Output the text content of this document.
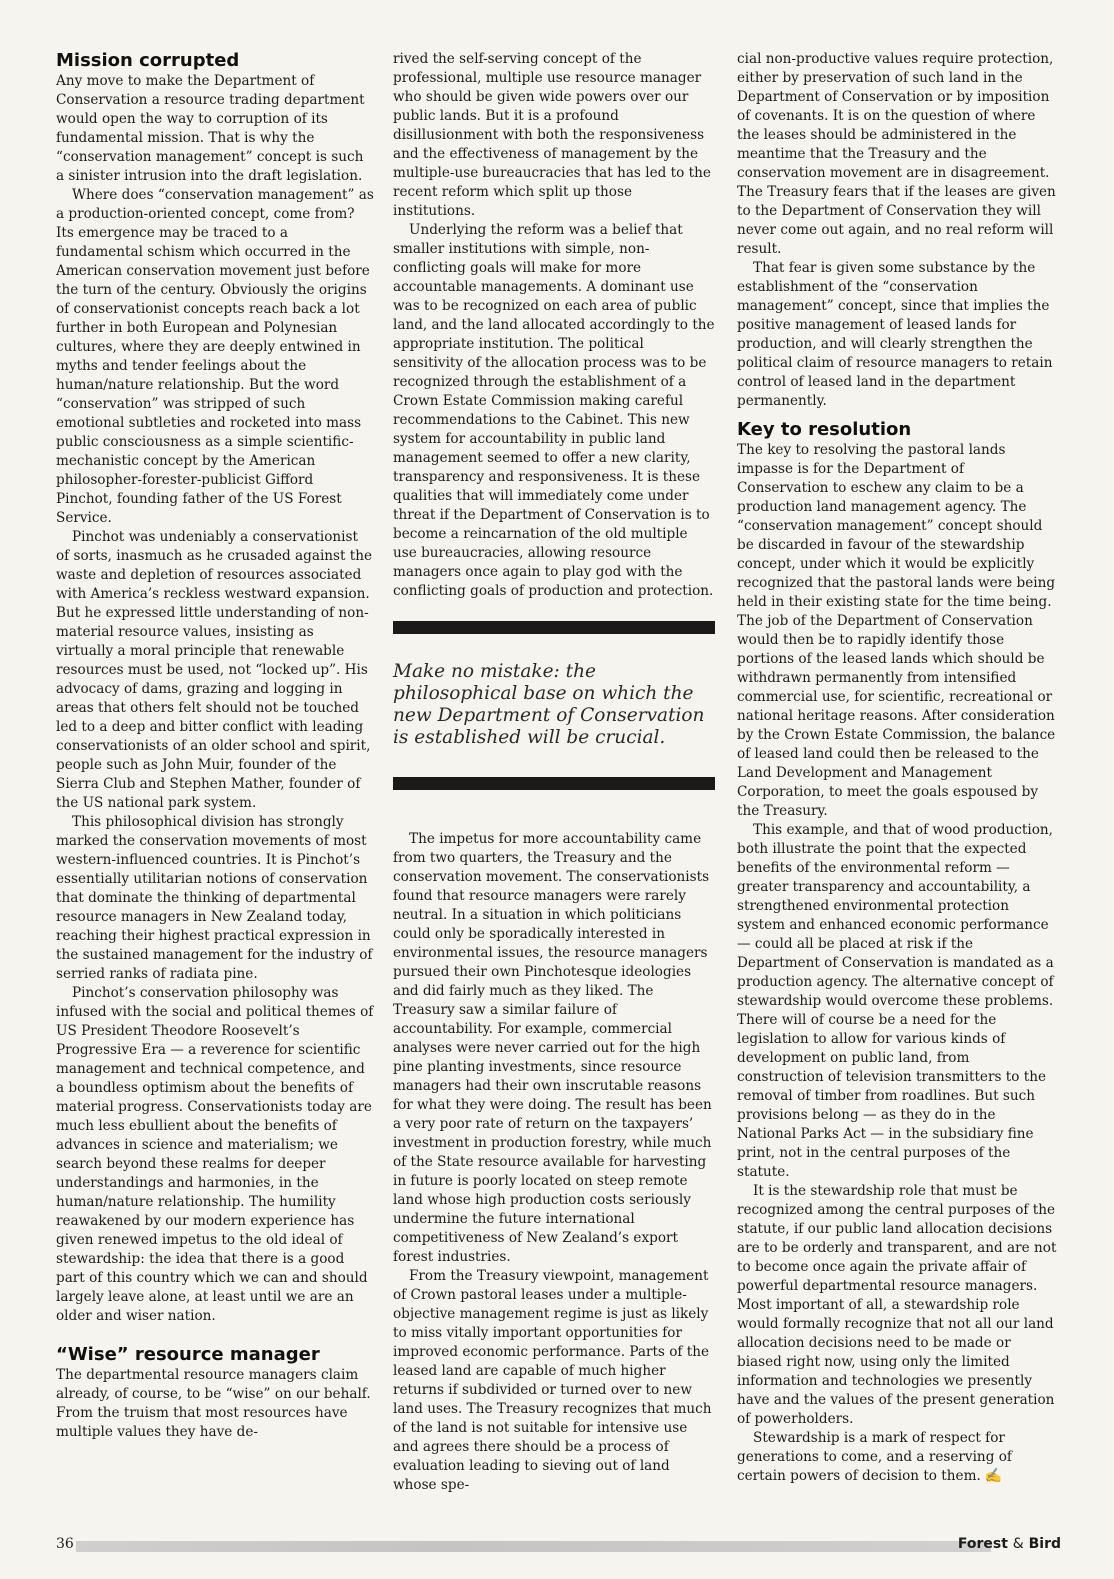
Mission corrupted

Any move to make the Department of Conservation a resource trading department would open the way to corruption of its fundamental mission. That is why the “conservation management” concept is such a sinister intrusion into the draft legislation.

Where does “conservation management” as a production-oriented concept, come from? Its emergence may be traced to a fundamental schism which occurred in the American conservation movement just before the turn of the century. Obviously the origins of conservationist concepts reach back a lot further in both European and Polynesian cultures, where they are deeply entwined in myths and tender feelings about the human/nature relationship. But the word “conservation” was stripped of such emotional subtleties and rocketed into mass public consciousness as a simple scientific-mechanistic concept by the American philosopher-forester-publicist Gifford Pinchot, founding father of the US Forest Service.

Pinchot was undeniably a conservationist of sorts, inasmuch as he crusaded against the waste and depletion of resources associated with America’s reckless westward expansion. But he expressed little understanding of non-material resource values, insisting as virtually a moral principle that renewable resources must be used, not “locked up”. His advocacy of dams, grazing and logging in areas that others felt should not be touched led to a deep and bitter conflict with leading conservationists of an older school and spirit, people such as John Muir, founder of the Sierra Club and Stephen Mather, founder of the US national park system.

This philosophical division has strongly marked the conservation movements of most western-influenced countries. It is Pinchot’s essentially utilitarian notions of conservation that dominate the thinking of departmental resource managers in New Zealand today, reaching their highest practical expression in the sustained management for the industry of serried ranks of radiata pine.

Pinchot’s conservation philosophy was infused with the social and political themes of US President Theodore Roosevelt’s Progressive Era — a reverence for scientific management and technical competence, and a boundless optimism about the benefits of material progress. Conservationists today are much less ebullient about the benefits of advances in science and materialism; we search beyond these realms for deeper understandings and harmonies, in the human/nature relationship. The humility reawakened by our modern experience has given renewed impetus to the old ideal of stewardship: the idea that there is a good part of this country which we can and should largely leave alone, at least until we are an older and wiser nation.

“Wise” resource manager

The departmental resource managers claim already, of course, to be “wise” on our behalf. From the truism that most resources have multiple values they have de-

rived the self-serving concept of the professional, multiple use resource manager who should be given wide powers over our public lands. But it is a profound disillusionment with both the responsiveness and the effectiveness of management by the multiple-use bureaucracies that has led to the recent reform which split up those institutions.

Underlying the reform was a belief that smaller institutions with simple, non-conflicting goals will make for more accountable managements. A dominant use was to be recognized on each area of public land, and the land allocated accordingly to the appropriate institution. The political sensitivity of the allocation process was to be recognized through the establishment of a Crown Estate Commission making careful recommendations to the Cabinet. This new system for accountability in public land management seemed to offer a new clarity, transparency and responsiveness. It is these qualities that will immediately come under threat if the Department of Conservation is to become a reincarnation of the old multiple use bureaucracies, allowing resource managers once again to play god with the conflicting goals of production and protection.

Make no mistake: the philosophical base on which the new Department of Conservation is established will be crucial.

The impetus for more accountability came from two quarters, the Treasury and the conservation movement. The conservationists found that resource managers were rarely neutral. In a situation in which politicians could only be sporadically interested in environmental issues, the resource managers pursued their own Pinchotesque ideologies and did fairly much as they liked. The Treasury saw a similar failure of accountability. For example, commercial analyses were never carried out for the high pine planting investments, since resource managers had their own inscrutable reasons for what they were doing. The result has been a very poor rate of return on the taxpayers’ investment in production forestry, while much of the State resource available for harvesting in future is poorly located on steep remote land whose high production costs seriously undermine the future international competitiveness of New Zealand’s export forest industries.

From the Treasury viewpoint, management of Crown pastoral leases under a multiple-objective management regime is just as likely to miss vitally important opportunities for improved economic performance. Parts of the leased land are capable of much higher returns if subdivided or turned over to new land uses. The Treasury recognizes that much of the land is not suitable for intensive use and agrees there should be a process of evaluation leading to sieving out of land whose spe-

cial non-productive values require protection, either by preservation of such land in the Department of Conservation or by imposition of covenants. It is on the question of where the leases should be administered in the meantime that the Treasury and the conservation movement are in disagreement. The Treasury fears that if the leases are given to the Department of Conservation they will never come out again, and no real reform will result.

That fear is given some substance by the establishment of the “conservation management” concept, since that implies the positive management of leased lands for production, and will clearly strengthen the political claim of resource managers to retain control of leased land in the department permanently.

Key to resolution

The key to resolving the pastoral lands impasse is for the Department of Conservation to eschew any claim to be a production land management agency. The “conservation management” concept should be discarded in favour of the stewardship concept, under which it would be explicitly recognized that the pastoral lands were being held in their existing state for the time being. The job of the Department of Conservation would then be to rapidly identify those portions of the leased lands which should be withdrawn permanently from intensified commercial use, for scientific, recreational or national heritage reasons. After consideration by the Crown Estate Commission, the balance of leased land could then be released to the Land Development and Management Corporation, to meet the goals espoused by the Treasury.

This example, and that of wood production, both illustrate the point that the expected benefits of the environmental reform — greater transparency and accountability, a strengthened environmental protection system and enhanced economic performance — could all be placed at risk if the Department of Conservation is mandated as a production agency. The alternative concept of stewardship would overcome these problems. There will of course be a need for the legislation to allow for various kinds of development on public land, from construction of television transmitters to the removal of timber from roadlines. But such provisions belong — as they do in the National Parks Act — in the subsidiary fine print, not in the central purposes of the statute.

It is the stewardship role that must be recognized among the central purposes of the statute, if our public land allocation decisions are to be orderly and transparent, and are not to become once again the private affair of powerful departmental resource managers. Most important of all, a stewardship role would formally recognize that not all our land allocation decisions need to be made or biased right now, using only the limited information and technologies we presently have and the values of the present generation of powerholders.

Stewardship is a mark of respect for generations to come, and a reserving of certain powers of decision to them. ✍

36	Forest & Bird
